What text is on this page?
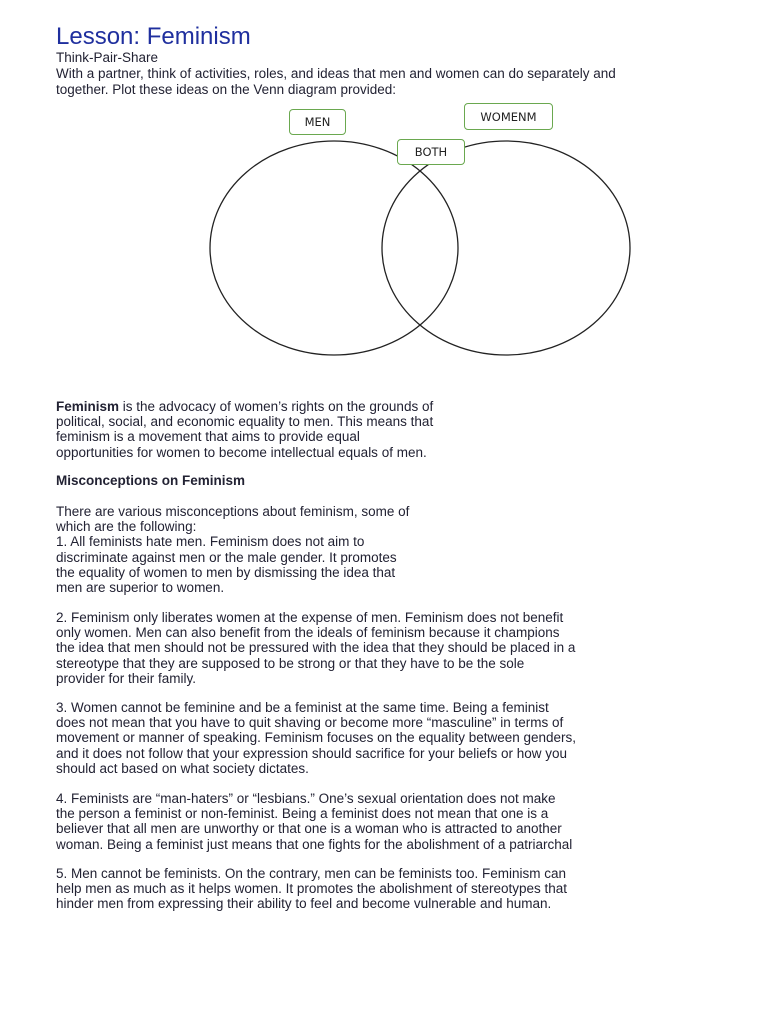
Lesson: Feminism
Think-Pair-Share
With a partner, think of activities, roles, and ideas that men and women can do separately and
together. Plot these ideas on the Venn diagram provided:
MEN	WOMENM
BOTH
Feminism is the advocacy of women’s rights on the grounds of
political, social, and economic equality to men. This means that
feminism is a movement that aims to provide equal
opportunities for women to become intellectual equals of men.
Misconceptions on Feminism
There are various misconceptions about feminism, some of
which are the following:
1. All feminists hate men. Feminism does not aim to
discriminate against men or the male gender. It promotes
the equality of women to men by dismissing the idea that
men are superior to women.
2. Feminism only liberates women at the expense of men. Feminism does not benefit
only women. Men can also benefit from the ideals of feminism because it champions
the idea that men should not be pressured with the idea that they should be placed in a
stereotype that they are supposed to be strong or that they have to be the sole
provider for their family.
3. Women cannot be feminine and be a feminist at the same time. Being a feminist
does not mean that you have to quit shaving or become more “masculine” in terms of
movement or manner of speaking. Feminism focuses on the equality between genders,
and it does not follow that your expression should sacrifice for your beliefs or how you
should act based on what society dictates.
4. Feminists are “man-haters” or “lesbians.” One’s sexual orientation does not make
the person a feminist or non-feminist. Being a feminist does not mean that one is a
believer that all men are unworthy or that one is a woman who is attracted to another
woman. Being a feminist just means that one fights for the abolishment of a patriarchal
5. Men cannot be feminists. On the contrary, men can be feminists too. Feminism can
help men as much as it helps women. It promotes the abolishment of stereotypes that
hinder men from expressing their ability to feel and become vulnerable and human.
